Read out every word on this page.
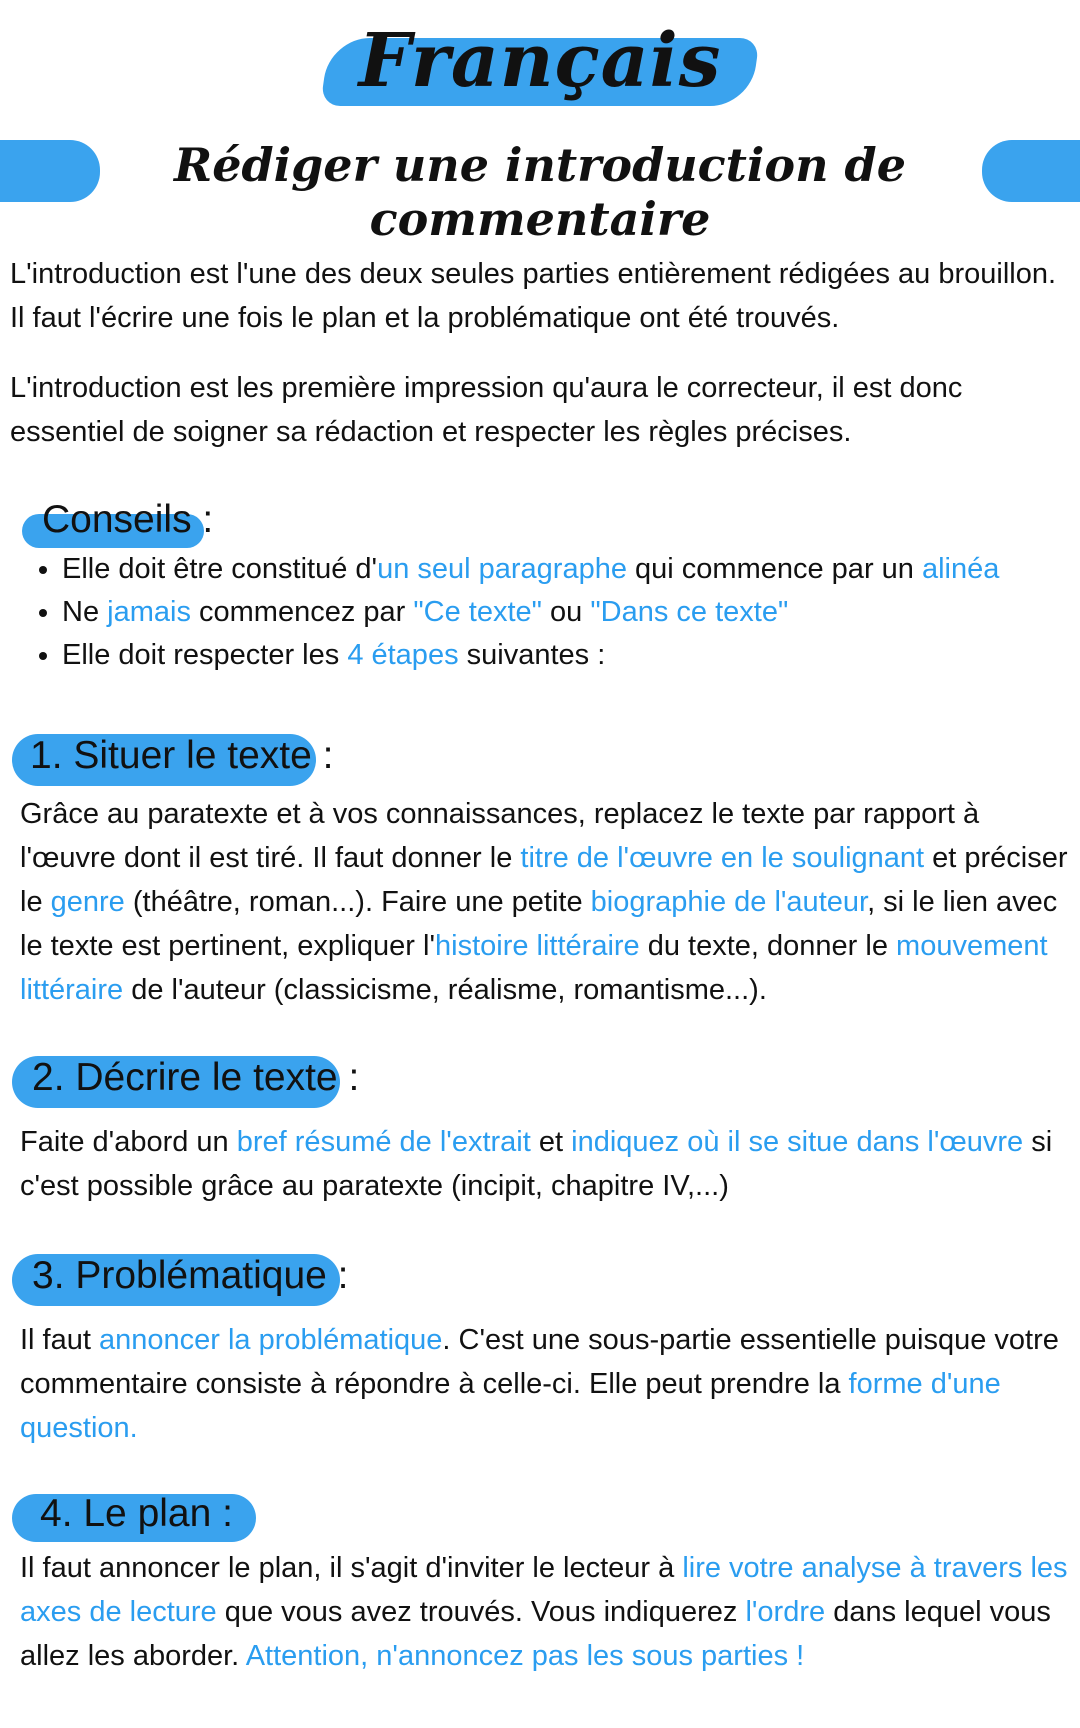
Français
Rédiger une introduction de commentaire
L'introduction est l'une des deux seules parties entièrement rédigées au brouillon. Il faut l'écrire une fois le plan et la problématique ont été trouvés.
L'introduction est les première impression qu'aura le correcteur, il est donc essentiel de soigner sa rédaction et respecter les règles précises.
Conseils :
• Elle doit être constitué d'un seul paragraphe qui commence par un alinéa
• Ne jamais commencez par "Ce texte" ou "Dans ce texte"
• Elle doit respecter les 4 étapes suivantes :
1. Situer le texte :
Grâce au paratexte et à vos connaissances, replacez le texte par rapport à l'œuvre dont il est tiré. Il faut donner le titre de l'œuvre en le soulignant et préciser le genre (théâtre, roman...). Faire une petite biographie de l'auteur, si le lien avec le texte est pertinent, expliquer l'histoire littéraire du texte, donner le mouvement littéraire de l'auteur (classicisme, réalisme, romantisme...).
2. Décrire le texte :
Faite d'abord un bref résumé de l'extrait et indiquez où il se situe dans l'œuvre si c'est possible grâce au paratexte (incipit, chapitre IV,...)
3. Problématique :
Il faut annoncer la problématique. C'est une sous-partie essentielle puisque votre commentaire consiste à répondre à celle-ci. Elle peut prendre la forme d'une question.
4. Le plan :
Il faut annoncer le plan, il s'agit d'inviter le lecteur à lire votre analyse à travers les axes de lecture que vous avez trouvés. Vous indiquerez l'ordre dans lequel vous allez les aborder. Attention, n'annoncez pas les sous parties !
